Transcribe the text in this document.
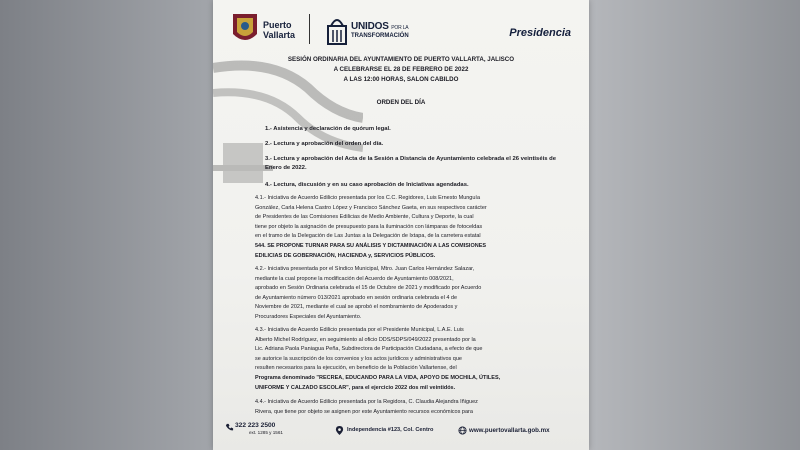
Puerto
Vallarta
UNIDOS POR LA
TRANSFORMACIÓN	Presidencia
SESIÓN ORDINARIA DEL AYUNTAMIENTO DE PUERTO VALLARTA, JALISCO
A CELEBRARSE EL 28 DE FEBRERO DE 2022
A LAS 12:00 HORAS, SALON CABILDO
ORDEN DEL DÍA
1.- Asistencia y declaración de quórum legal.
2.- Lectura y aprobación del orden del día.
3.- Lectura y aprobación del Acta de la Sesión a Distancia de Ayuntamiento celebrada el 26 veintiséis de Enero de 2022.
4.- Lectura, discusión y en su caso aprobación de Iniciativas agendadas.
4.1.- Iniciativa de Acuerdo Edilicio presentada por los C.C. Regidores, Luis Ernesto Munguía
González, Carla Helena Castro López y Francisco Sánchez Gaeta, en sus respectivos carácter
de Presidentes de las Comisiones Edilicias de Medio Ambiente, Cultura y Deporte, la cual
tiene por objeto la asignación de presupuesto para la iluminación con lámparas de fotoceldas
en el tramo de la Delegación de Las Juntas a la Delegación de Ixtapa, de la carretera estatal
544. SE PROPONE TURNAR PARA SU ANÁLISIS Y DICTAMINACIÓN A LAS COMISIONES
EDILICIAS DE GOBERNACIÓN, HACIENDA y, SERVICIOS PÚBLICOS.
4.2.- Iniciativa presentada por el Síndico Municipal, Mtro. Juan Carlos Hernández Salazar,
mediante la cual propone la modificación del Acuerdo de Ayuntamiento 008/2021,
aprobado en Sesión Ordinaria celebrada el 15 de Octubre de 2021 y modificado por Acuerdo
de Ayuntamiento número 013/2021 aprobado en sesión ordinaria celebrada el 4 de
Noviembre de 2021, mediante el cual se aprobó el nombramiento de Apoderados y
Procuradores Especiales del Ayuntamiento.
4.3.- Iniciativa de Acuerdo Edilicio presentada por el Presidente Municipal, L.A.E. Luis
Alberto Michel Rodríguez, en seguimiento al oficio DDS/SDPS/049/2022 presentado por la
Lic. Adriana Paola Paniagua Peña, Subdirectora de Participación Ciudadana, a efecto de que
se autorice la suscripción de los convenios y los actos jurídicos y administrativos que
resulten necesarios para la ejecución, en beneficio de la Población Vallartense, del
Programa denominado "RECREA, EDUCANDO PARA LA VIDA, APOYO DE MOCHILA, ÚTILES,
UNIFORME Y CALZADO ESCOLAR", para el ejercicio 2022 dos mil veintidós.
4.4.- Iniciativa de Acuerdo Edilicio presentada por la Regidora, C. Claudia Alejandra Iñiguez
Rivera, que tiene por objeto se asignen por este Ayuntamiento recursos económicos para
322 223 2500
ext. 1285 y 1561	Independencia #123, Col. Centro	www.puertovallarta.gob.mx
